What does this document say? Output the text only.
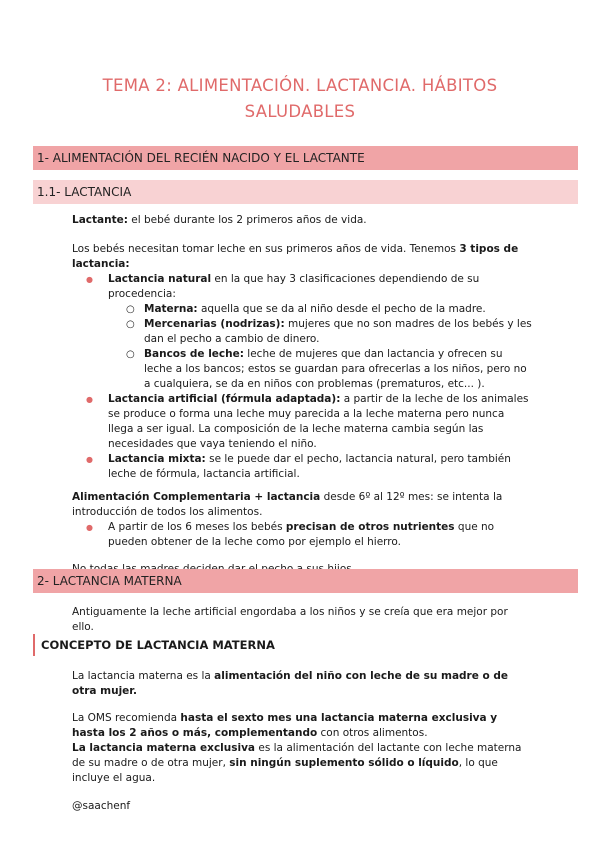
TEMA 2: ALIMENTACIÓN. LACTANCIA. HÁBITOS
SALUDABLES
1- ALIMENTACIÓN DEL RECIÉN NACIDO Y EL LACTANTE
1.1- LACTANCIA

Lactante: el bebé durante los 2 primeros años de vida.

Los bebés necesitan tomar leche en sus primeros años de vida. Tenemos 3 tipos de lactancia:

● Lactancia natural en la que hay 3 clasificaciones dependiendo de su procedencia:

○ Materna: aquella que se da al niño desde el pecho de la madre.

○ Mercenarias (nodrizas): mujeres que no son madres de los bebés y les dan el pecho a cambio de dinero.

○ Bancos de leche: leche de mujeres que dan lactancia y ofrecen su leche a los bancos; estos se guardan para ofrecerlas a los niños, pero no a cualquiera, se da en niños con problemas (prematuros, etc... ).

● Lactancia artificial (fórmula adaptada): a partir de la leche de los animales se produce o forma una leche muy parecida a la leche materna pero nunca llega a ser igual. La composición de la leche materna cambia según las necesidades que vaya teniendo el niño.

● Lactancia mixta: se le puede dar el pecho, lactancia natural, pero también leche de fórmula, lactancia artificial.

Alimentación Complementaria + lactancia desde 6º al 12º mes: se intenta la introducción de todos los alimentos.

● A partir de los 6 meses los bebés precisan de otros nutrientes que no pueden obtener de la leche como por ejemplo el hierro.

2- LACTANCIA MATERNA

Antiguamente la leche artificial engordaba a los niños y se creía que era mejor por ello.

CONCEPTO DE LACTANCIA MATERNA

La lactancia materna es la alimentación del niño con leche de su madre o de otra mujer.

La OMS recomienda hasta el sexto mes una lactancia materna exclusiva y hasta los 2 años o más, complementando con otros alimentos.

La lactancia materna exclusiva es la alimentación del lactante con leche materna de su madre o de otra mujer, sin ningún suplemento sólido o líquido, lo que incluye el agua.

@saachenf
